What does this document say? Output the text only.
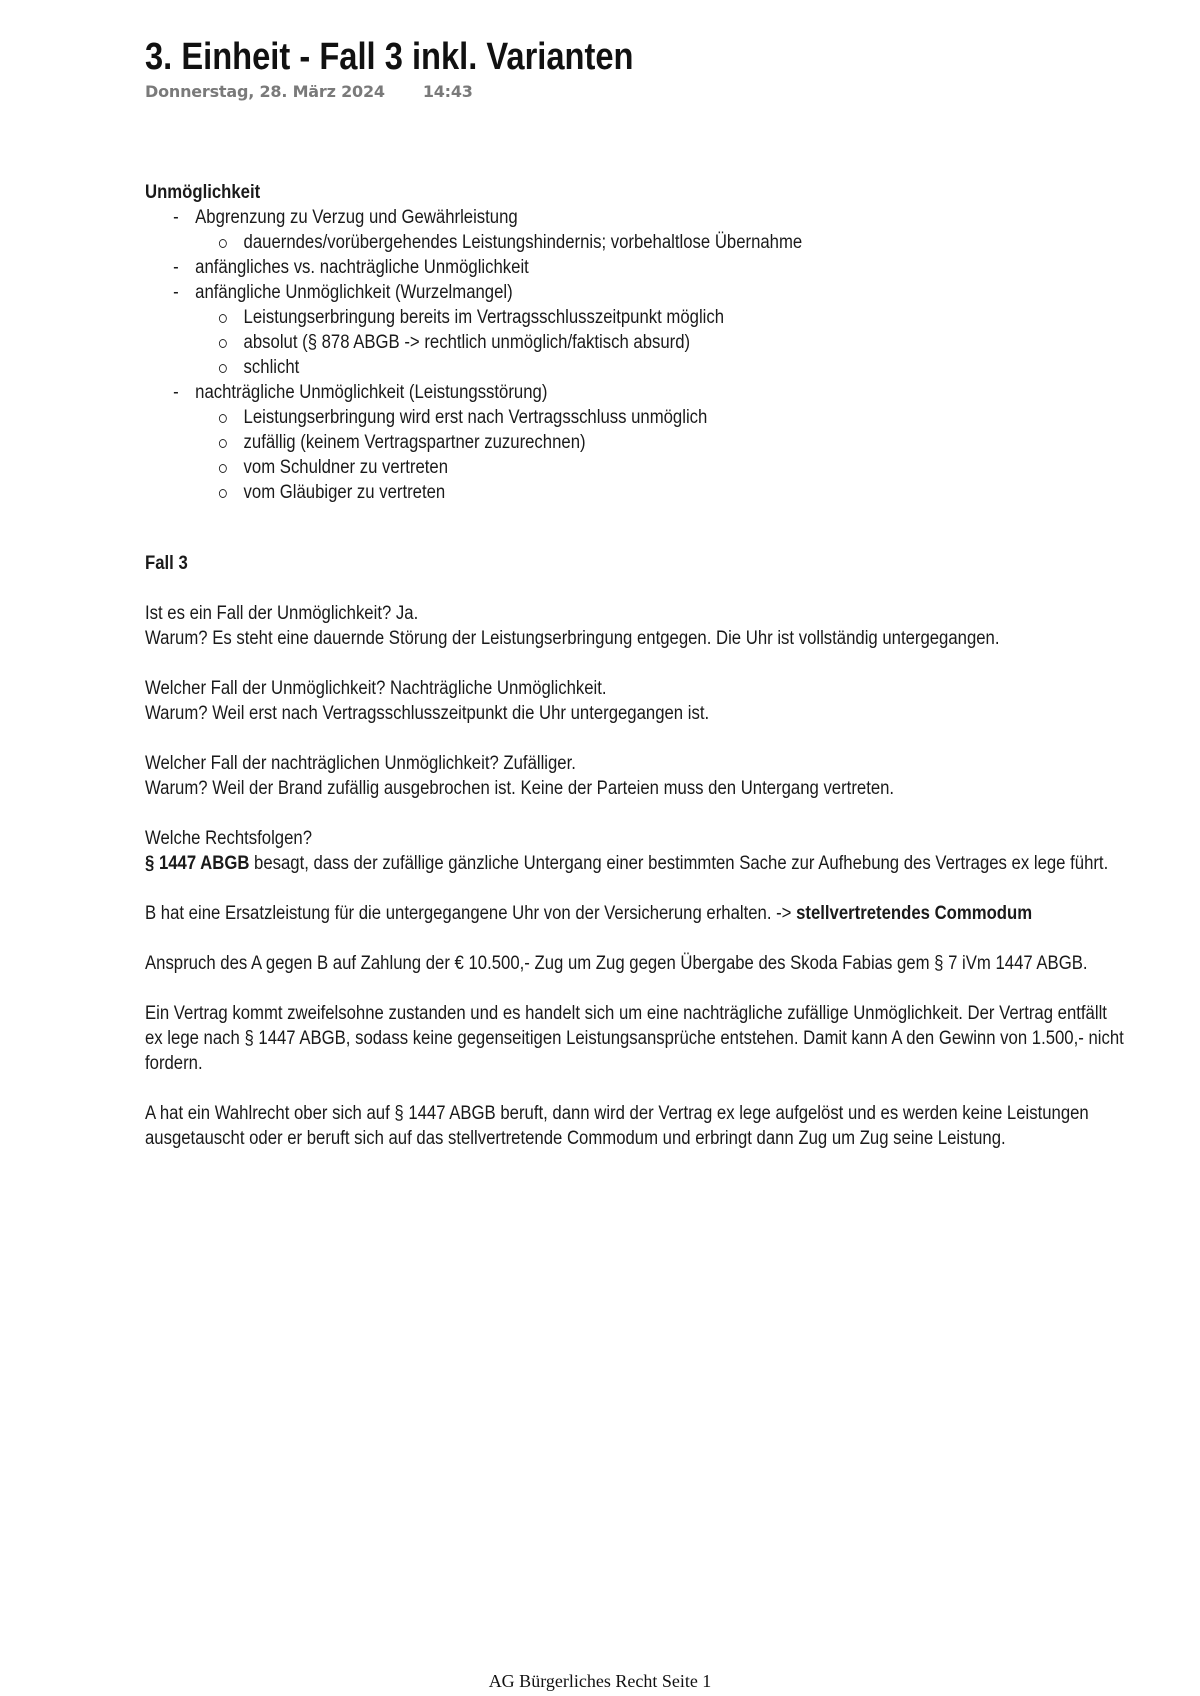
3. Einheit - Fall 3 inkl. Varianten
Donnerstag, 28. März 2024 14:43

Unmöglichkeit

- Abgrenzung zu Verzug und Gewährleistung
dauerndes/vorübergehendes Leistungshindernis; vorbehaltlose Übernahme
- anfängliches vs. nachträgliche Unmöglichkeit
- anfängliche Unmöglichkeit (Wurzelmangel)
Leistungserbringung bereits im Vertragsschlusszeitpunkt möglich
absolut (§ 878 ABGB -> rechtlich unmöglich/faktisch absurd)
schlicht
- nachträgliche Unmöglichkeit (Leistungsstörung)
Leistungserbringung wird erst nach Vertragsschluss unmöglich
zufällig (keinem Vertragspartner zuzurechnen)
vom Schuldner zu vertreten
vom Gläubiger zu vertreten

Fall 3

Ist es ein Fall der Unmöglichkeit? Ja.

Warum? Es steht eine dauernde Störung der Leistungserbringung entgegen. Die Uhr ist vollständig untergegangen.

Welcher Fall der Unmöglichkeit? Nachträgliche Unmöglichkeit.

Warum? Weil erst nach Vertragsschlusszeitpunkt die Uhr untergegangen ist.

Welcher Fall der nachträglichen Unmöglichkeit? Zufälliger.

Warum? Weil der Brand zufällig ausgebrochen ist. Keine der Parteien muss den Untergang vertreten.

Welche Rechtsfolgen?

§ 1447 ABGB besagt, dass der zufällige gänzliche Untergang einer bestimmten Sache zur Aufhebung des Vertrages ex lege führt.

B hat eine Ersatzleistung für die untergegangene Uhr von der Versicherung erhalten. -> stellvertretendes Commodum

Anspruch des A gegen B auf Zahlung der € 10.500,- Zug um Zug gegen Übergabe des Skoda Fabias gem § 7 iVm 1447 ABGB.

Ein Vertrag kommt zweifelsohne zustanden und es handelt sich um eine nachträgliche zufällige Unmöglichkeit. Der Vertrag entfällt ex lege nach § 1447 ABGB, sodass keine gegenseitigen Leistungsansprüche entstehen. Damit kann A den Gewinn von 1.500,- nicht fordern.

A hat ein Wahlrecht ober sich auf § 1447 ABGB beruft, dann wird der Vertrag ex lege aufgelöst und es werden keine Leistungen ausgetauscht oder er beruft sich auf das stellvertretende Commodum und erbringt dann Zug um Zug seine Leistung.

AG Bürgerliches Recht Seite 1
